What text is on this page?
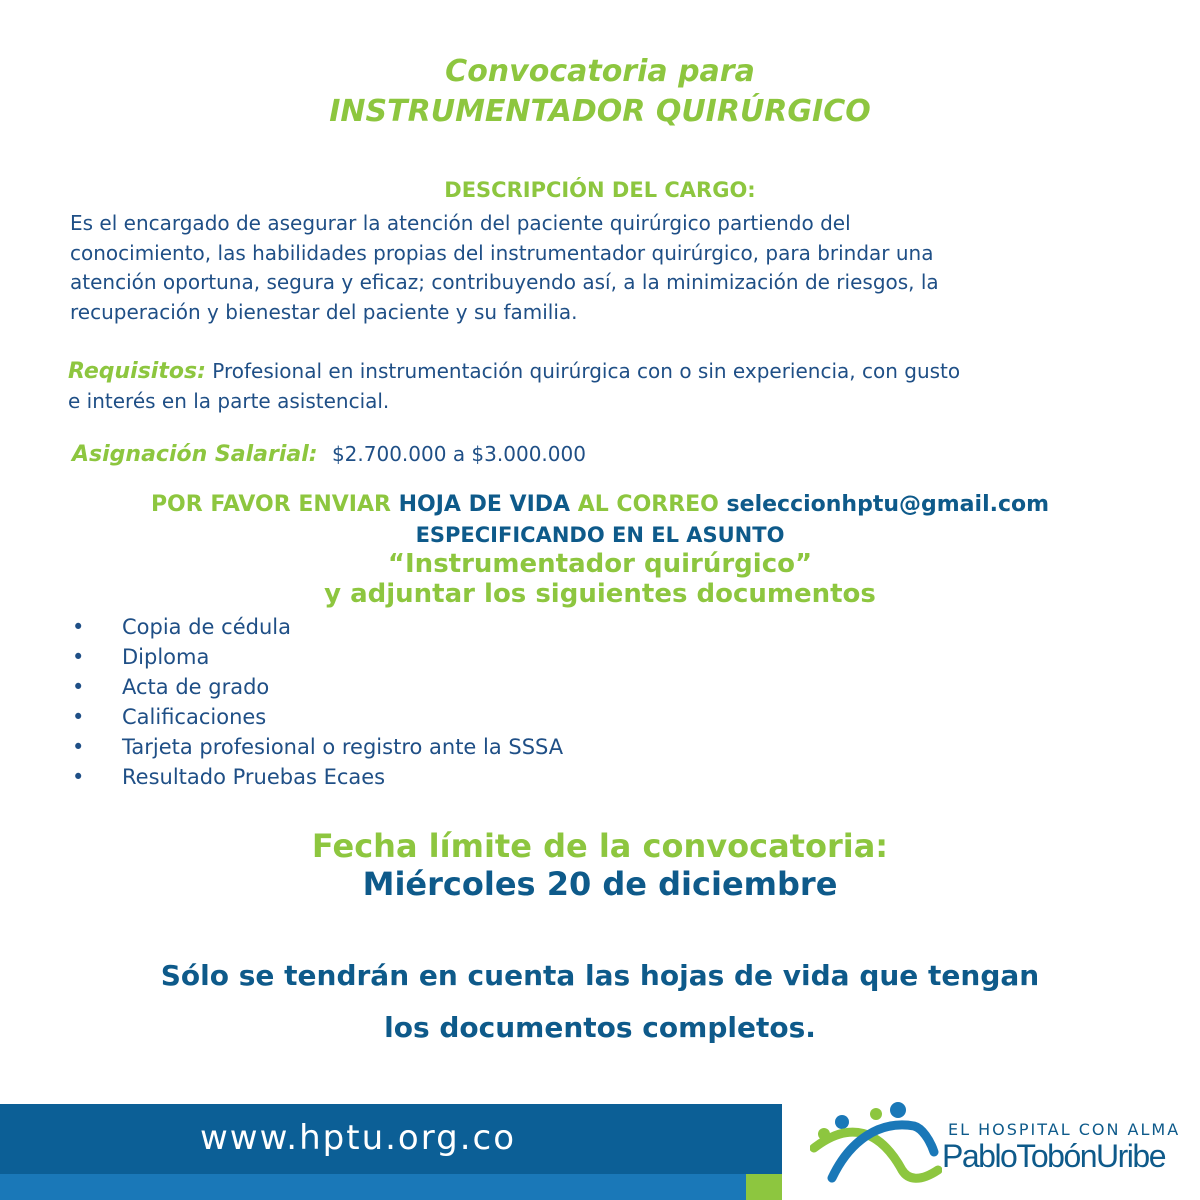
Convocatoria para
INSTRUMENTADOR QUIRÚRGICO
DESCRIPCIÓN DEL CARGO:
Es el encargado de asegurar la atención del paciente quirúrgico partiendo del
conocimiento, las habilidades propias del instrumentador quirúrgico, para brindar una
atención oportuna, segura y eficaz; contribuyendo así, a la minimización de riesgos, la
recuperación y bienestar del paciente y su familia.
Requisitos: Profesional en instrumentación quirúrgica con o sin experiencia, con gusto
e interés en la parte asistencial.
Asignación Salarial: $2.700.000 a $3.000.000
POR FAVOR ENVIAR HOJA DE VIDA AL CORREO seleccionhptu@gmail.com
ESPECIFICANDO EN EL ASUNTO
“Instrumentador quirúrgico”
y adjuntar los siguientes documentos
• Copia de cédula
• Diploma
• Acta de grado
• Calificaciones
• Tarjeta profesional o registro ante la SSSA
• Resultado Pruebas Ecaes
Fecha límite de la convocatoria:
Miércoles 20 de diciembre
Sólo se tendrán en cuenta las hojas de vida que tengan
los documentos completos.
www.hptu.org.co	EL HOSPITAL CON ALMA
PabloTobónUribe
